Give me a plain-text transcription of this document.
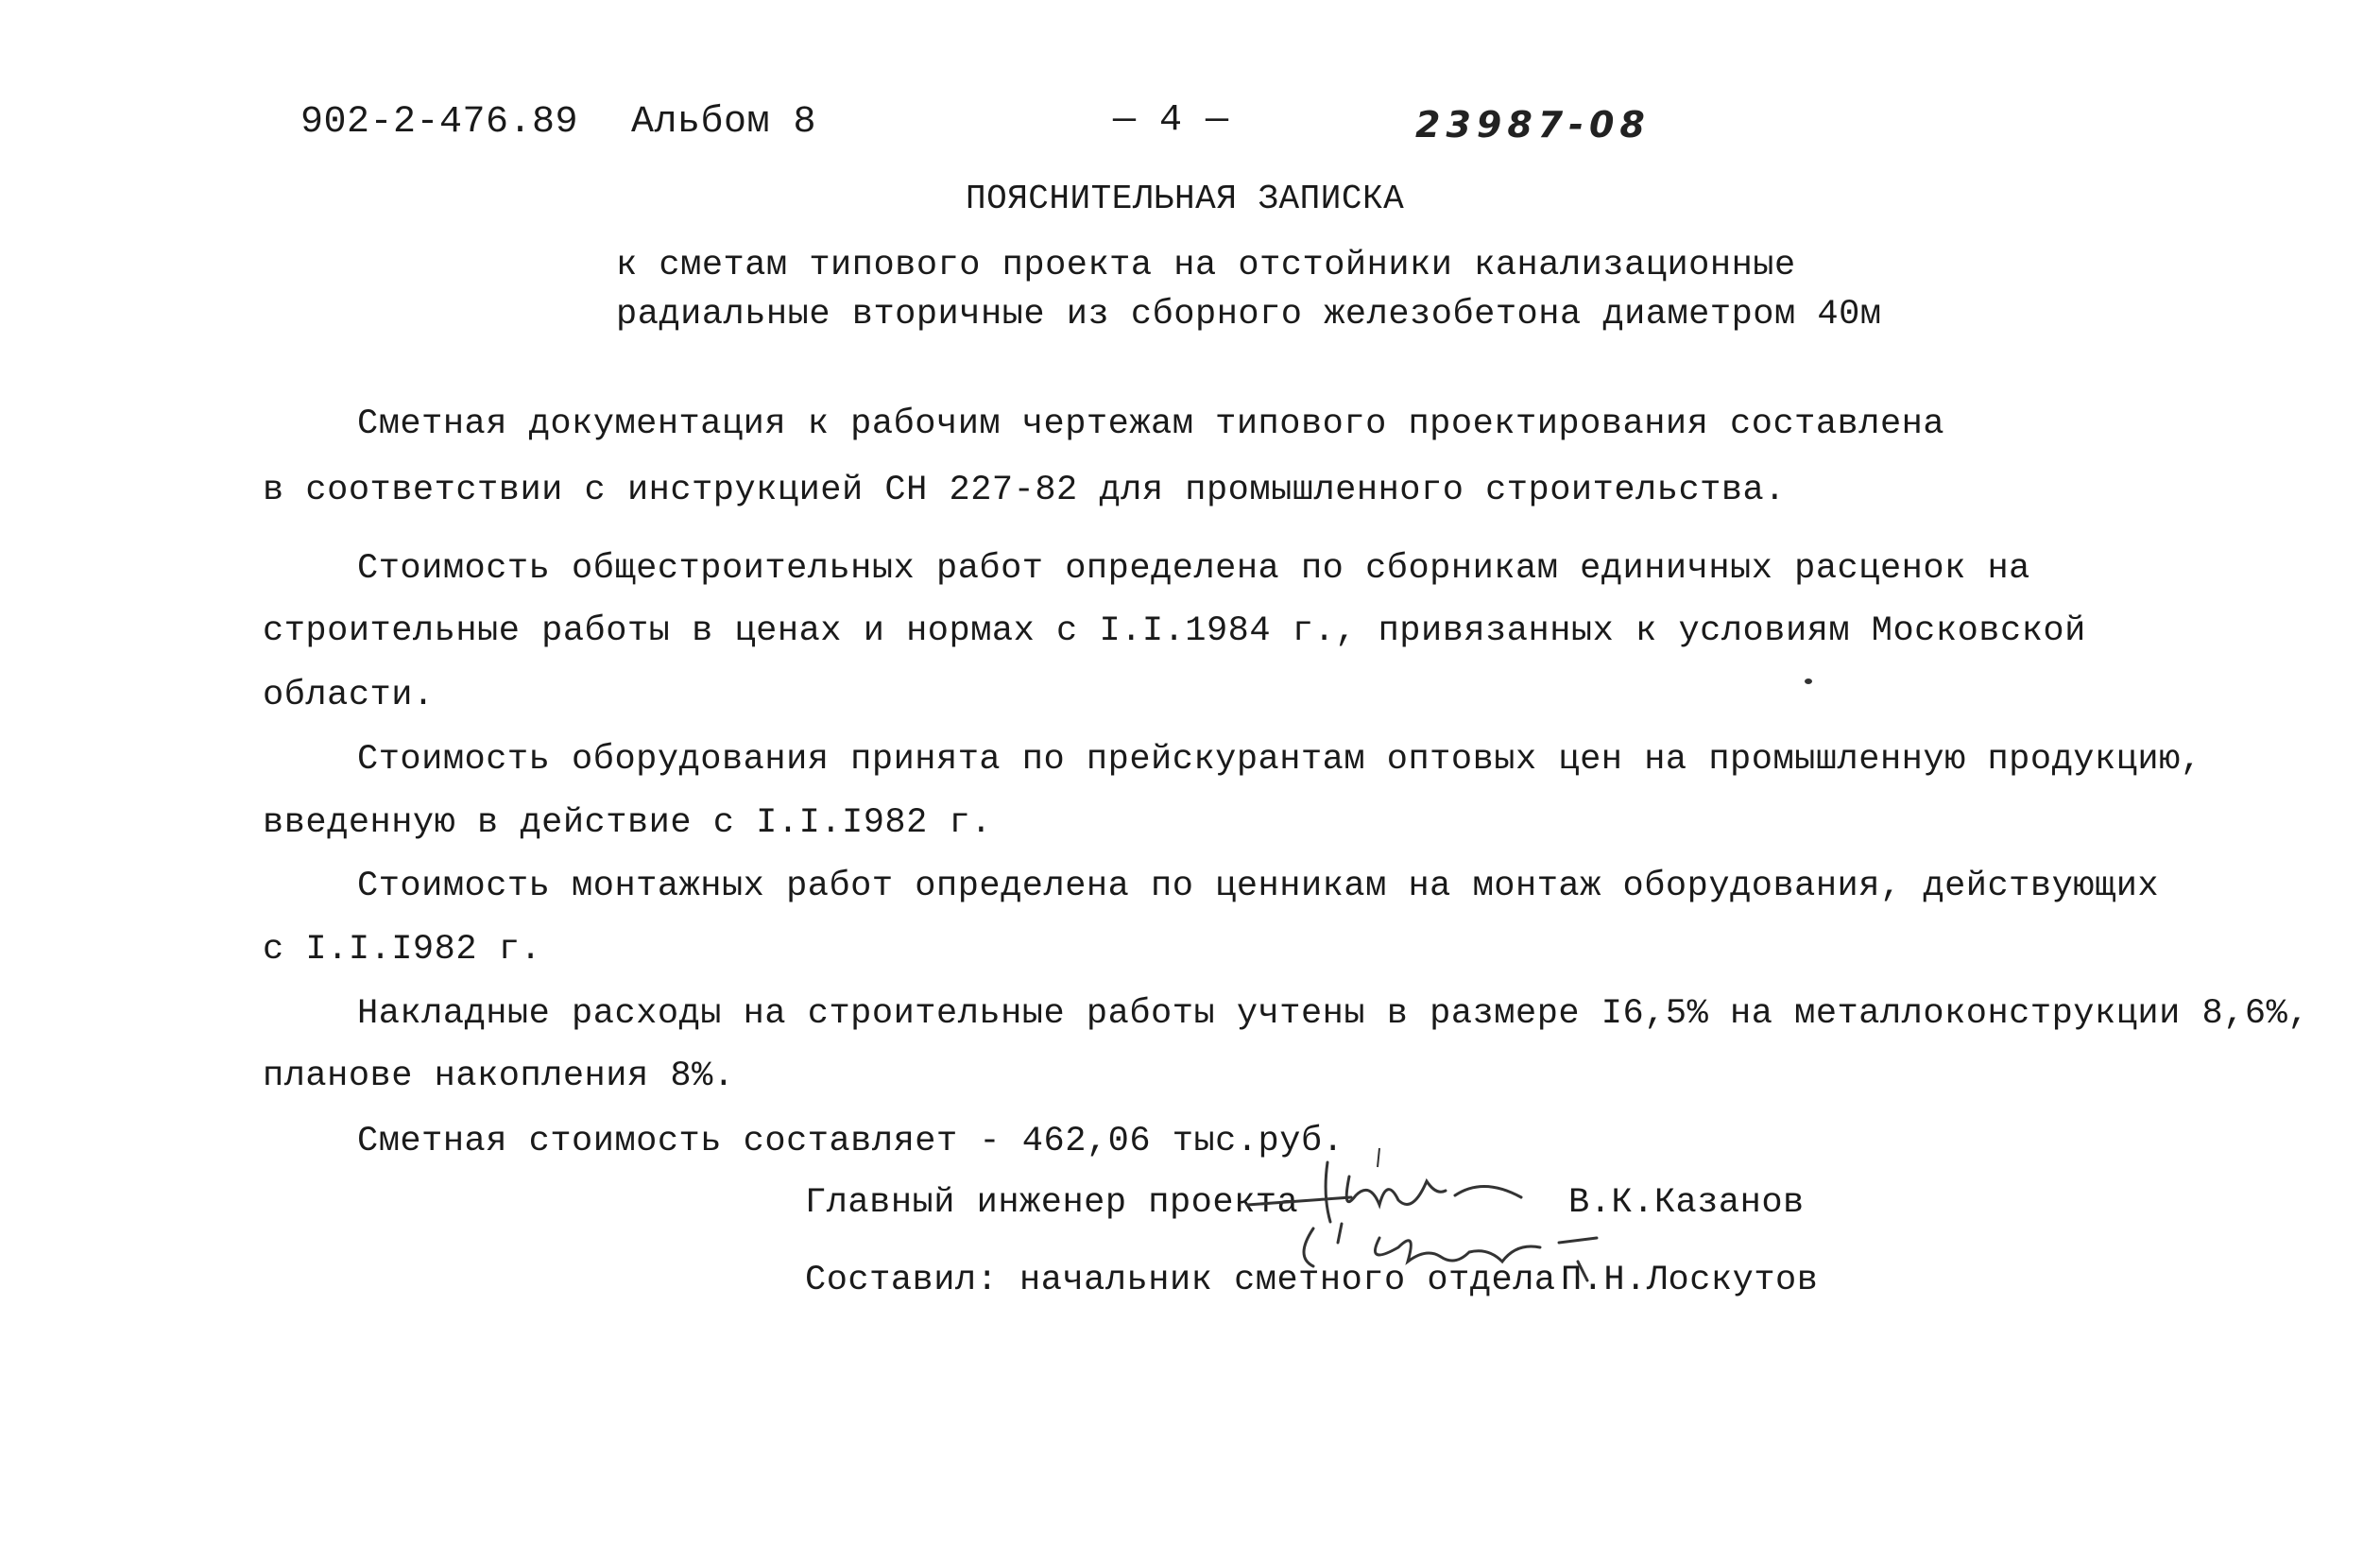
902-2-476.89 Альбом 8	— 4 —	23987-08
ПОЯСНИТЕЛЬНАЯ ЗАПИСКА
к сметам типового проекта на отстойники канализационные
радиальные вторичные из сборного железобетона диаметром 40м
Сметная документация к рабочим чертежам типового проектирования составлена
в соответствии с инструкцией СН 227-82 для промышленного строительства.
Стоимость общестроительных работ определена по сборникам единичных расценок на
строительные работы в ценах и нормах с I.I.1984 г., привязанных к условиям Московской
области.
Стоимость оборудования принята по прейскурантам оптовых цен на промышленную продукцию,
введенную в действие с I.I.I982 г.
Стоимость монтажных работ определена по ценникам на монтаж оборудования, действующих
с I.I.I982 г.
Накладные расходы на строительные работы учтены в размере I6,5% на металлоконструкции 8,6%,
планове накопления 8%.
Сметная стоимость составляет - 462,06 тыс.руб.
Главный инженер проекта	В.К.Казанов
Составил: начальник сметного отдела П.Н.Лоскутов
